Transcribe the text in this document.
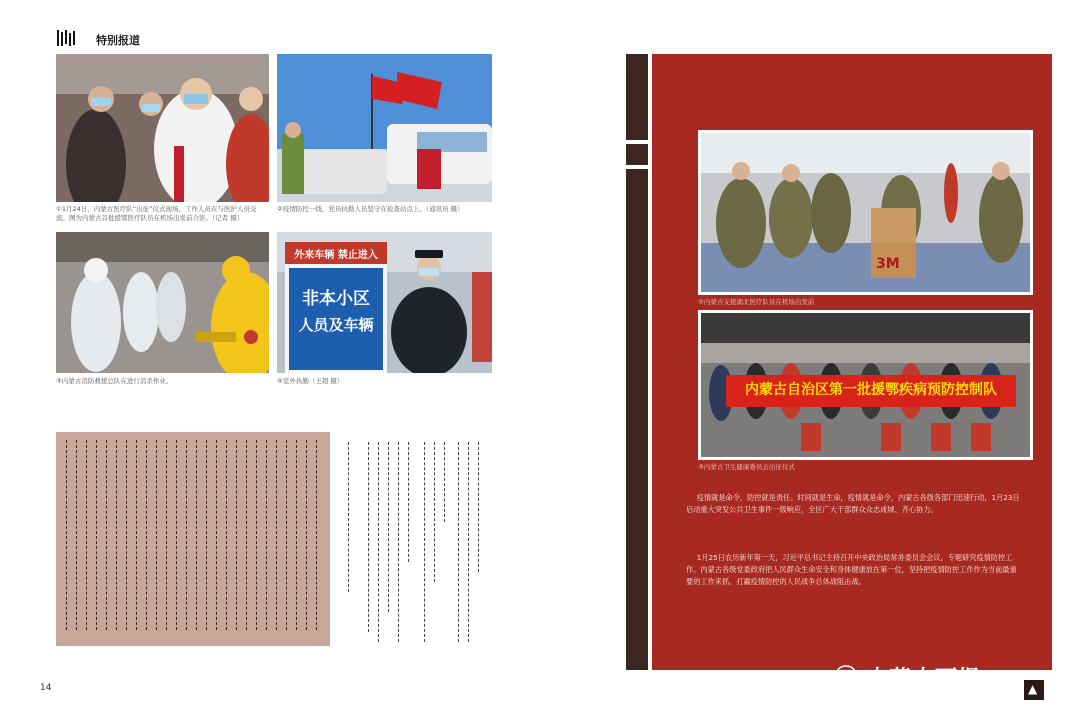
特别报道
①1月24日，内蒙古医疗队“出征”仪式现场，工作人员在与医护人员交流。图为内蒙古首批援鄂医疗队员在机场出发前合影。（记者 摄）
②疫情防控一线，党员执勤人员坚守在检查站点上。（通讯员 摄）
③内蒙古消防救援总队在进行消杀作业。
外来车辆 禁止进入
非本小区
人员及车辆
④室外执勤（王超 摄）
14
3M
②内蒙古支援湖北医疗队员在机场出发前
内蒙古自治区第一批援鄂疾病预防控制队
③内蒙古卫生健康委员会出征仪式
疫情就是命令，防控就是责任。时间就是生命，疫情就是命令，内蒙古各级各部门迅速行动，1月23日启动重大突发公共卫生事件一级响应，全区广大干部群众众志成城、齐心协力。
1月25日农历新年第一天，习近平总书记主持召开中央政治局常务委员会会议，专题研究疫情防控工作。内蒙古各级党委政府把人民群众生命安全和身体健康放在第一位，坚持把疫情防控工作作为当前最重要的工作来抓，打赢疫情防控的人民战争总体战阻击战。
内蒙古画报	▲
